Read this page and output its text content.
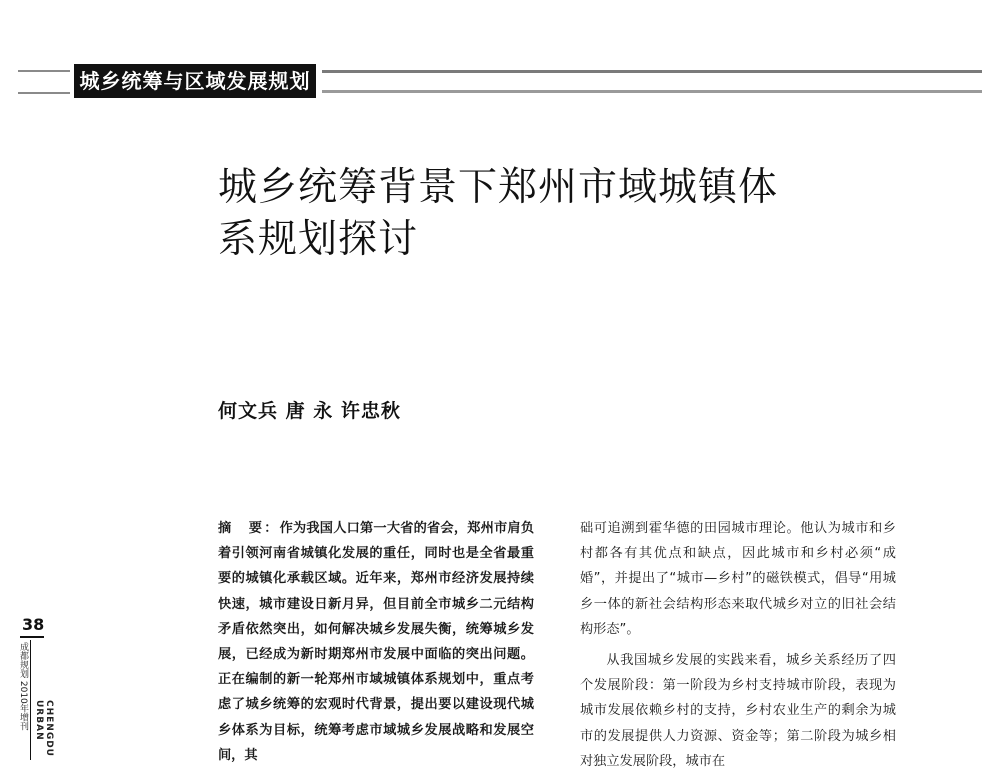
城乡统筹与区域发展规划
城乡统筹背景下郑州市域城镇体
系规划探讨
何文兵 唐 永 许忠秋
38
成都规划 2010年增刊	CHENGDU URBAN

摘　要：作为我国人口第一大省的省会，郑州市肩负着引领河南省城镇化发展的重任，同时也是全省最重要的城镇化承载区域。近年来，郑州市经济发展持续快速，城市建设日新月异，但目前全市城乡二元结构矛盾依然突出，如何解决城乡发展失衡，统筹城乡发展，已经成为新时期郑州市发展中面临的突出问题。正在编制的新一轮郑州市域城镇体系规划中，重点考虑了城乡统筹的宏观时代背景，提出要以建设现代城乡体系为目标，统筹考虑市域城乡发展战略和发展空间，其

础可追溯到霍华德的田园城市理论。他认为城市和乡村都各有其优点和缺点，因此城市和乡村必须“成婚”，并提出了“城市—乡村”的磁铁模式，倡导“用城乡一体的新社会结构形态来取代城乡对立的旧社会结构形态”。

从我国城乡发展的实践来看，城乡关系经历了四个发展阶段：第一阶段为乡村支持城市阶段，表现为城市发展依赖乡村的支持，乡村农业生产的剩余为城市的发展提供人力资源、资金等；第二阶段为城乡相对独立发展阶段，城市在
